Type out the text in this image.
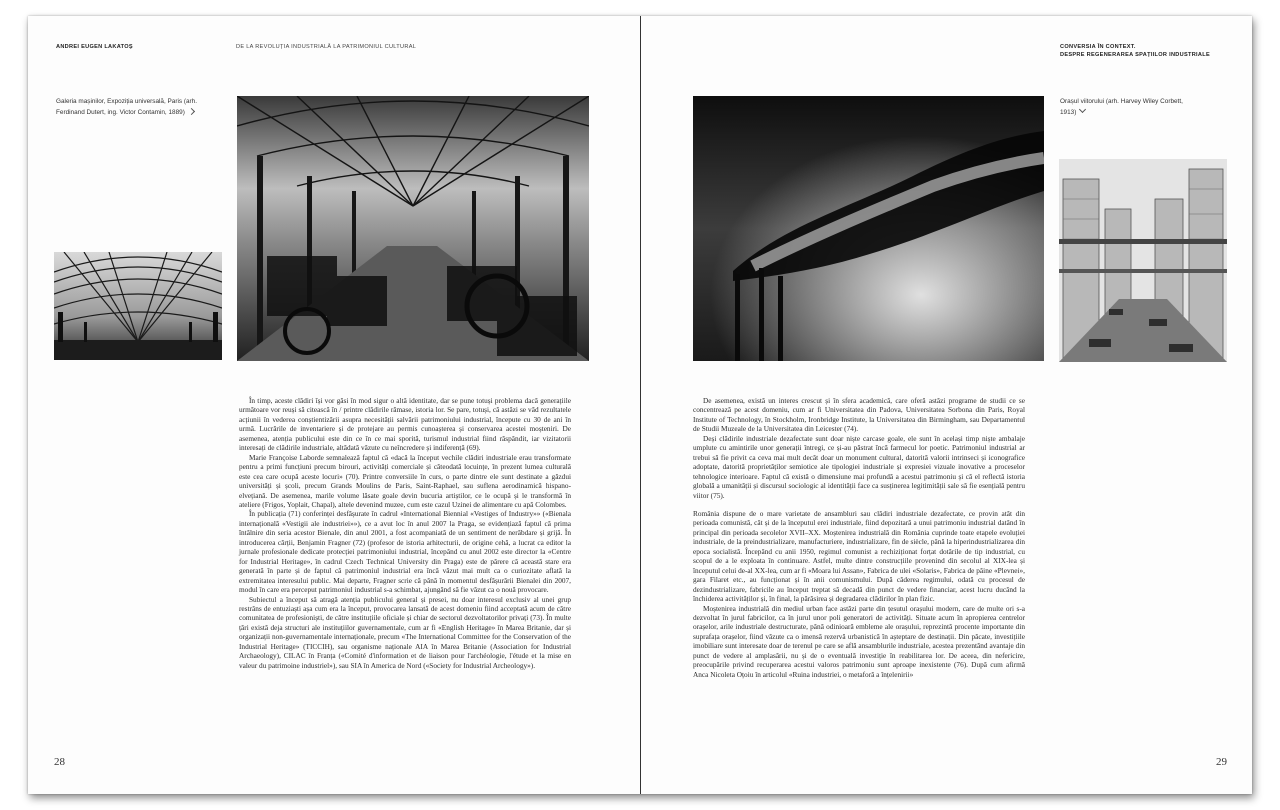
ANDREI EUGEN LAKATOȘ	DE LA REVOLUȚIA INDUSTRIALĂ LA PATRIMONIUL CULTURAL
Galeria mașinilor, Expoziția universală, Paris (arh. Ferdinand Dutert, ing. Victor Contamin, 1889)

În timp, aceste clădiri își vor găsi în mod sigur o altă identitate, dar se pune totuși problema dacă generațiile următoare vor reuși să citească în / printre clădirile rămase, istoria lor. Se pare, totuși, că astăzi se văd rezultatele acțiunii în vederea conștientizării asupra necesității salvării patrimoniului industrial, începute cu 30 de ani în urmă. Lucrările de inventariere și de protejare au permis cunoașterea și conservarea acestei moșteniri. De asemenea, atenția publicului este din ce în ce mai sporită, turismul industrial fiind răspândit, iar vizitatorii interesați de clădirile industriale, altădată văzute cu neîncredere și indiferență (69).

Marie Françoise Laborde semnalează faptul că «dacă la început vechile clădiri industriale erau transformate pentru a primi funcțiuni precum birouri, activități comerciale și câteodată locuințe, în prezent lumea culturală este cea care ocupă aceste locuri» (70). Printre conversiile în curs, o parte dintre ele sunt destinate a găzdui universități și școli, precum Grands Moulins de Paris, Saint-Raphael, sau suflena aerodinamică hispano-elvețiană. De asemenea, marile volume lăsate goale devin bucuria artiștilor, ce le ocupă și le transformă în ateliere (Frigos, Yoplait, Chapal), altele devenind muzee, cum este cazul Uzinei de alimentare cu apă Colombes.

În publicația (71) conferinței desfășurate în cadrul «International Biennial «Vestiges of Industry»» («Bienala internațională «Vestigii ale industriei»»), ce a avut loc în anul 2007 la Praga, se evidențiază faptul că prima întâlnire din seria acestor Bienale, din anul 2001, a fost acompaniată de un sentiment de nerăbdare și grijă. În introducerea cărții, Benjamin Fragner (72) (profesor de istoria arhitecturii, de origine cehă, a lucrat ca editor la jurnale profesionale dedicate protecției patrimoniului industrial, începând cu anul 2002 este director la «Centre for Industrial Heritage», în cadrul Czech Technical University din Praga) este de părere că această stare era generată în parte și de faptul că patrimoniul industrial era încă văzut mai mult ca o curiozitate aflată la extremitatea interesului public. Mai departe, Fragner scrie că până în momentul desfășurării Bienalei din 2007, modul în care era perceput patrimoniul industrial s-a schimbat, ajungând să fie văzut ca o nouă provocare.

Subiectul a început să atragă atenția publicului general și presei, nu doar interesul exclusiv al unei grup restrâns de entuziaști așa cum era la început, provocarea lansată de acest domeniu fiind acceptată acum de către comunitatea de profesioniști, de către instituțiile oficiale și chiar de sectorul dezvoltatorilor privați (73). În multe țări există deja structuri ale instituțiilor guvernamentale, cum ar fi «English Heritage» în Marea Britanie, dar și organizații non-guvernamentale internaționale, precum «The International Committee for the Conservation of the Industrial Heritage» (TICCIH), sau organisme naționale AIA în Marea Britanie (Association for Industrial Archaeology), CILAC în Franța («Comité d'information et de liaison pour l'archéologie, l'étude et la mise en valeur du patrimoine industriel»), sau SIA în America de Nord («Society for Industrial Archeology»).

28
CONVERSIA ÎN CONTEXT.
DESPRE REGENERAREA SPAȚIILOR INDUSTRIALE
Orașul viitorului (arh. Harvey Wiley Corbett, 1913)

De asemenea, există un interes crescut și în sfera academică, care oferă astăzi programe de studii ce se concentrează pe acest domeniu, cum ar fi Universitatea din Padova, Universitatea Sorbona din Paris, Royal Institute of Technology, în Stockholm, Ironbridge Institute, la Universitatea din Birmingham, sau Departamentul de Studii Muzeale de la Universitatea din Leicester (74).

Deși clădirile industriale dezafectate sunt doar niște carcase goale, ele sunt în același timp niște ambalaje umplute cu amintirile unor generații întregi, ce și-au păstrat încă farmecul lor poetic. Patrimoniul industrial ar trebui să fie privit ca ceva mai mult decât doar un monument cultural, datorită valorii intrinseci și iconografice adoptate, datorită proprietăților semiotice ale tipologiei industriale și expresiei vizuale inovative a proceselor tehnologice interioare. Faptul că există o dimensiune mai profundă a acestui patrimoniu și că el reflectă istoria globală a umanității și discursul sociologic al identității face ca susținerea legitimității sale să fie esențială pentru viitor (75).

România dispune de o mare varietate de ansambluri sau clădiri industriale dezafectate, ce provin atât din perioada comunistă, cât și de la începutul erei industriale, fiind depozitară a unui patrimoniu industrial datând în principal din perioada secolelor XVII–XX. Moștenirea industrială din România cuprinde toate etapele evoluției industriale, de la preindustrializare, manufacturiere, industrializare, fin de siècle, până la hiperindustrializarea din epoca socialistă. Începând cu anii 1950, regimul comunist a rechiziționat forțat dotările de tip industrial, cu scopul de a le exploata în continuare. Astfel, multe dintre construcțiile provenind din secolul al XIX-lea și începutul celui de-al XX-lea, cum ar fi «Moara lui Assan», Fabrica de ulei «Solaris», Fabrica de pâine «Plevnei», gara Filaret etc., au funcționat și în anii comunismului. După căderea regimului, odată cu procesul de dezindustrializare, fabricile au început treptat să decadă din punct de vedere financiar, acest lucru ducând la închiderea activităților și, în final, la părăsirea și degradarea clădirilor în plan fizic.

Moștenirea industrială din mediul urban face astăzi parte din țesutul orașului modern, care de multe ori s-a dezvoltat în jurul fabricilor, ca în jurul unor poli generatori de activități. Situate acum în apropierea centrelor orașelor, arile industriale destructurate, până odinioară embleme ale orașului, reprezintă procente importante din suprafața orașelor, fiind văzute ca o imensă rezervă urbanistică în așteptare de destinații. Din păcate, investițiile imobiliare sunt interesate doar de terenul pe care se află ansamblurile industriale, acestea prezentând avantaje din punct de vedere al amplasării, nu și de o eventuală investiție în reabilitarea lor. De aceea, din nefericire, preocupările privind recuperarea acestui valoros patrimoniu sunt aproape inexistente (76). După cum afirmă Anca Nicoleta Oțoiu în articolul «Ruina industriei, o metaforă a înțelenirii»

29
